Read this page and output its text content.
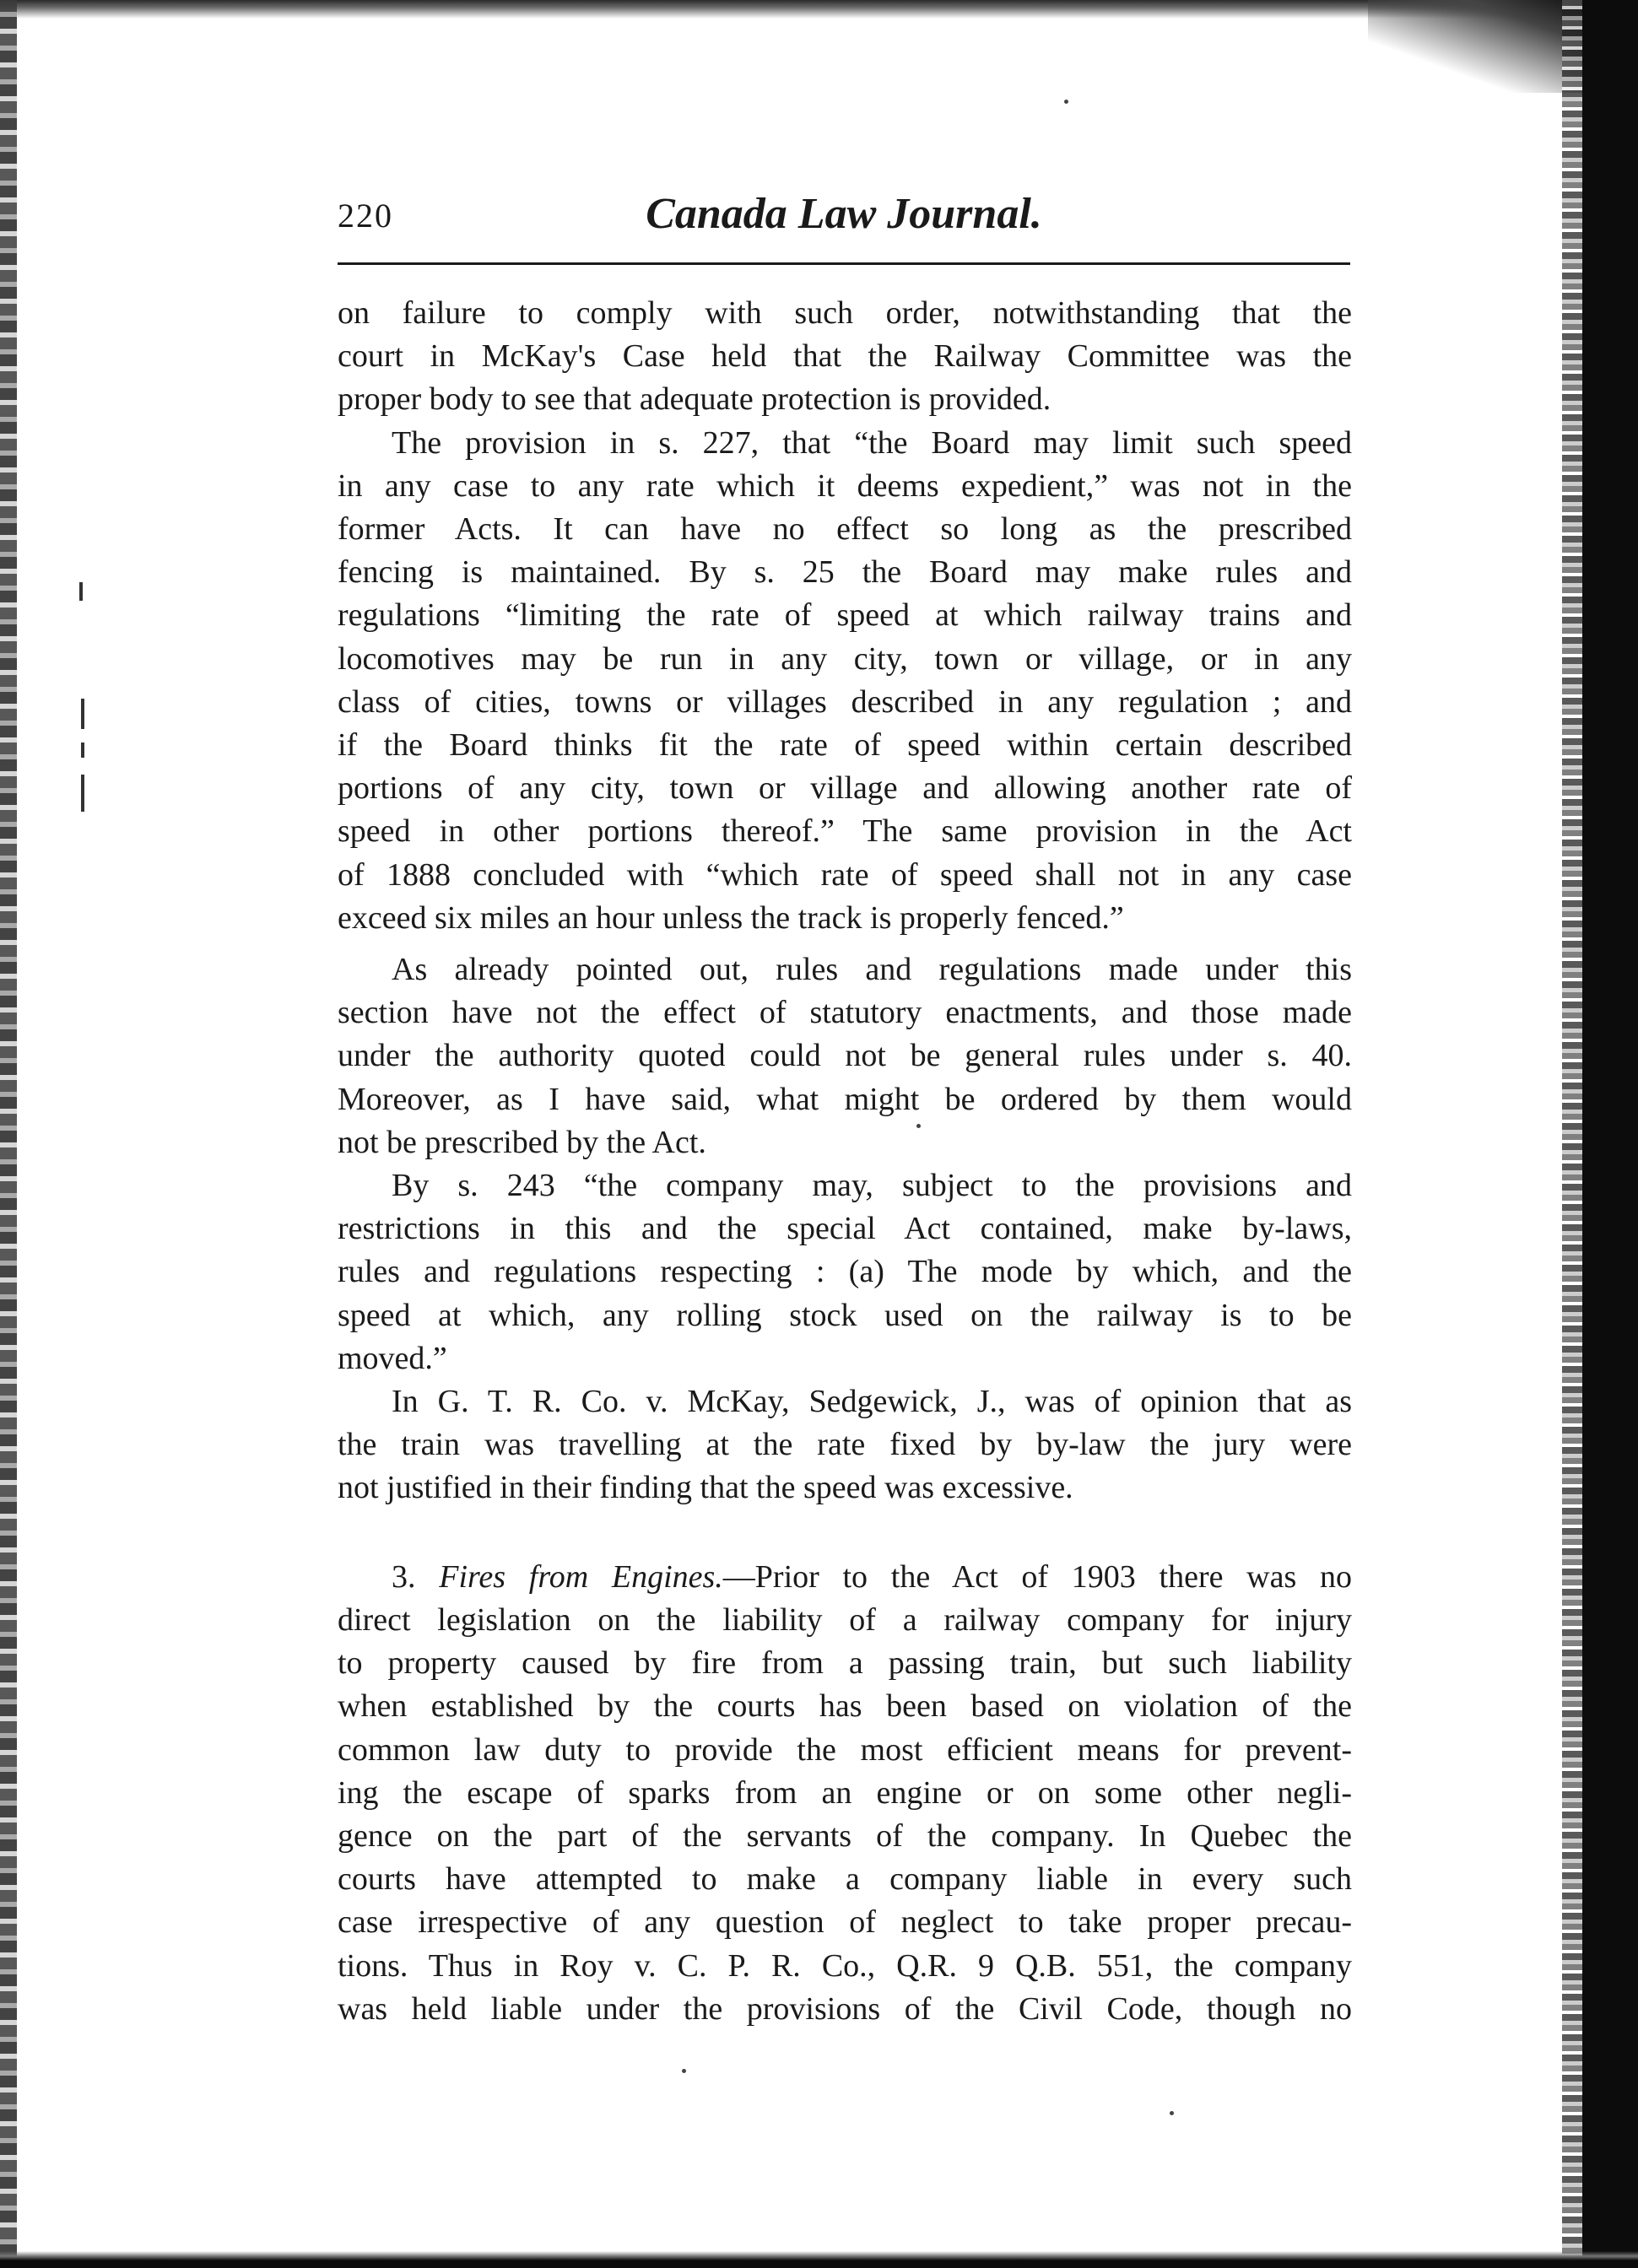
220	Canada Law Journal.
on failure to comply with such order, notwithstanding that the
court in McKay's Case held that the Railway Committee was the
proper body to see that adequate protection is provided.
The provision in s. 227, that “the Board may limit such speed
in any case to any rate which it deems expedient,” was not in the
former Acts. It can have no effect so long as the prescribed
fencing is maintained. By s. 25 the Board may make rules and
regulations “limiting the rate of speed at which railway trains and
locomotives may be run in any city, town or village, or in any
class of cities, towns or villages described in any regulation ; and
if the Board thinks fit the rate of speed within certain described
portions of any city, town or village and allowing another rate of
speed in other portions thereof.” The same provision in the Act
of 1888 concluded with “which rate of speed shall not in any case
exceed six miles an hour unless the track is properly fenced.”
As already pointed out, rules and regulations made under this
section have not the effect of statutory enactments, and those made
under the authority quoted could not be general rules under s. 40.
Moreover, as I have said, what might be ordered by them would
not be prescribed by the Act.
By s. 243 “the company may, subject to the provisions and
restrictions in this and the special Act contained, make by-laws,
rules and regulations respecting : (a) The mode by which, and the
speed at which, any rolling stock used on the railway is to be
moved.”
In G. T. R. Co. v. McKay, Sedgewick, J., was of opinion that as
the train was travelling at the rate fixed by by-law the jury were
not justified in their finding that the speed was excessive.
3. Fires from Engines.—Prior to the Act of 1903 there was no
direct legislation on the liability of a railway company for injury
to property caused by fire from a passing train, but such liability
when established by the courts has been based on violation of the
common law duty to provide the most efficient means for prevent-
ing the escape of sparks from an engine or on some other negli-
gence on the part of the servants of the company. In Quebec the
courts have attempted to make a company liable in every such
case irrespective of any question of neglect to take proper precau-
tions. Thus in Roy v. C. P. R. Co., Q.R. 9 Q.B. 551, the company
was held liable under the provisions of the Civil Code, though no
